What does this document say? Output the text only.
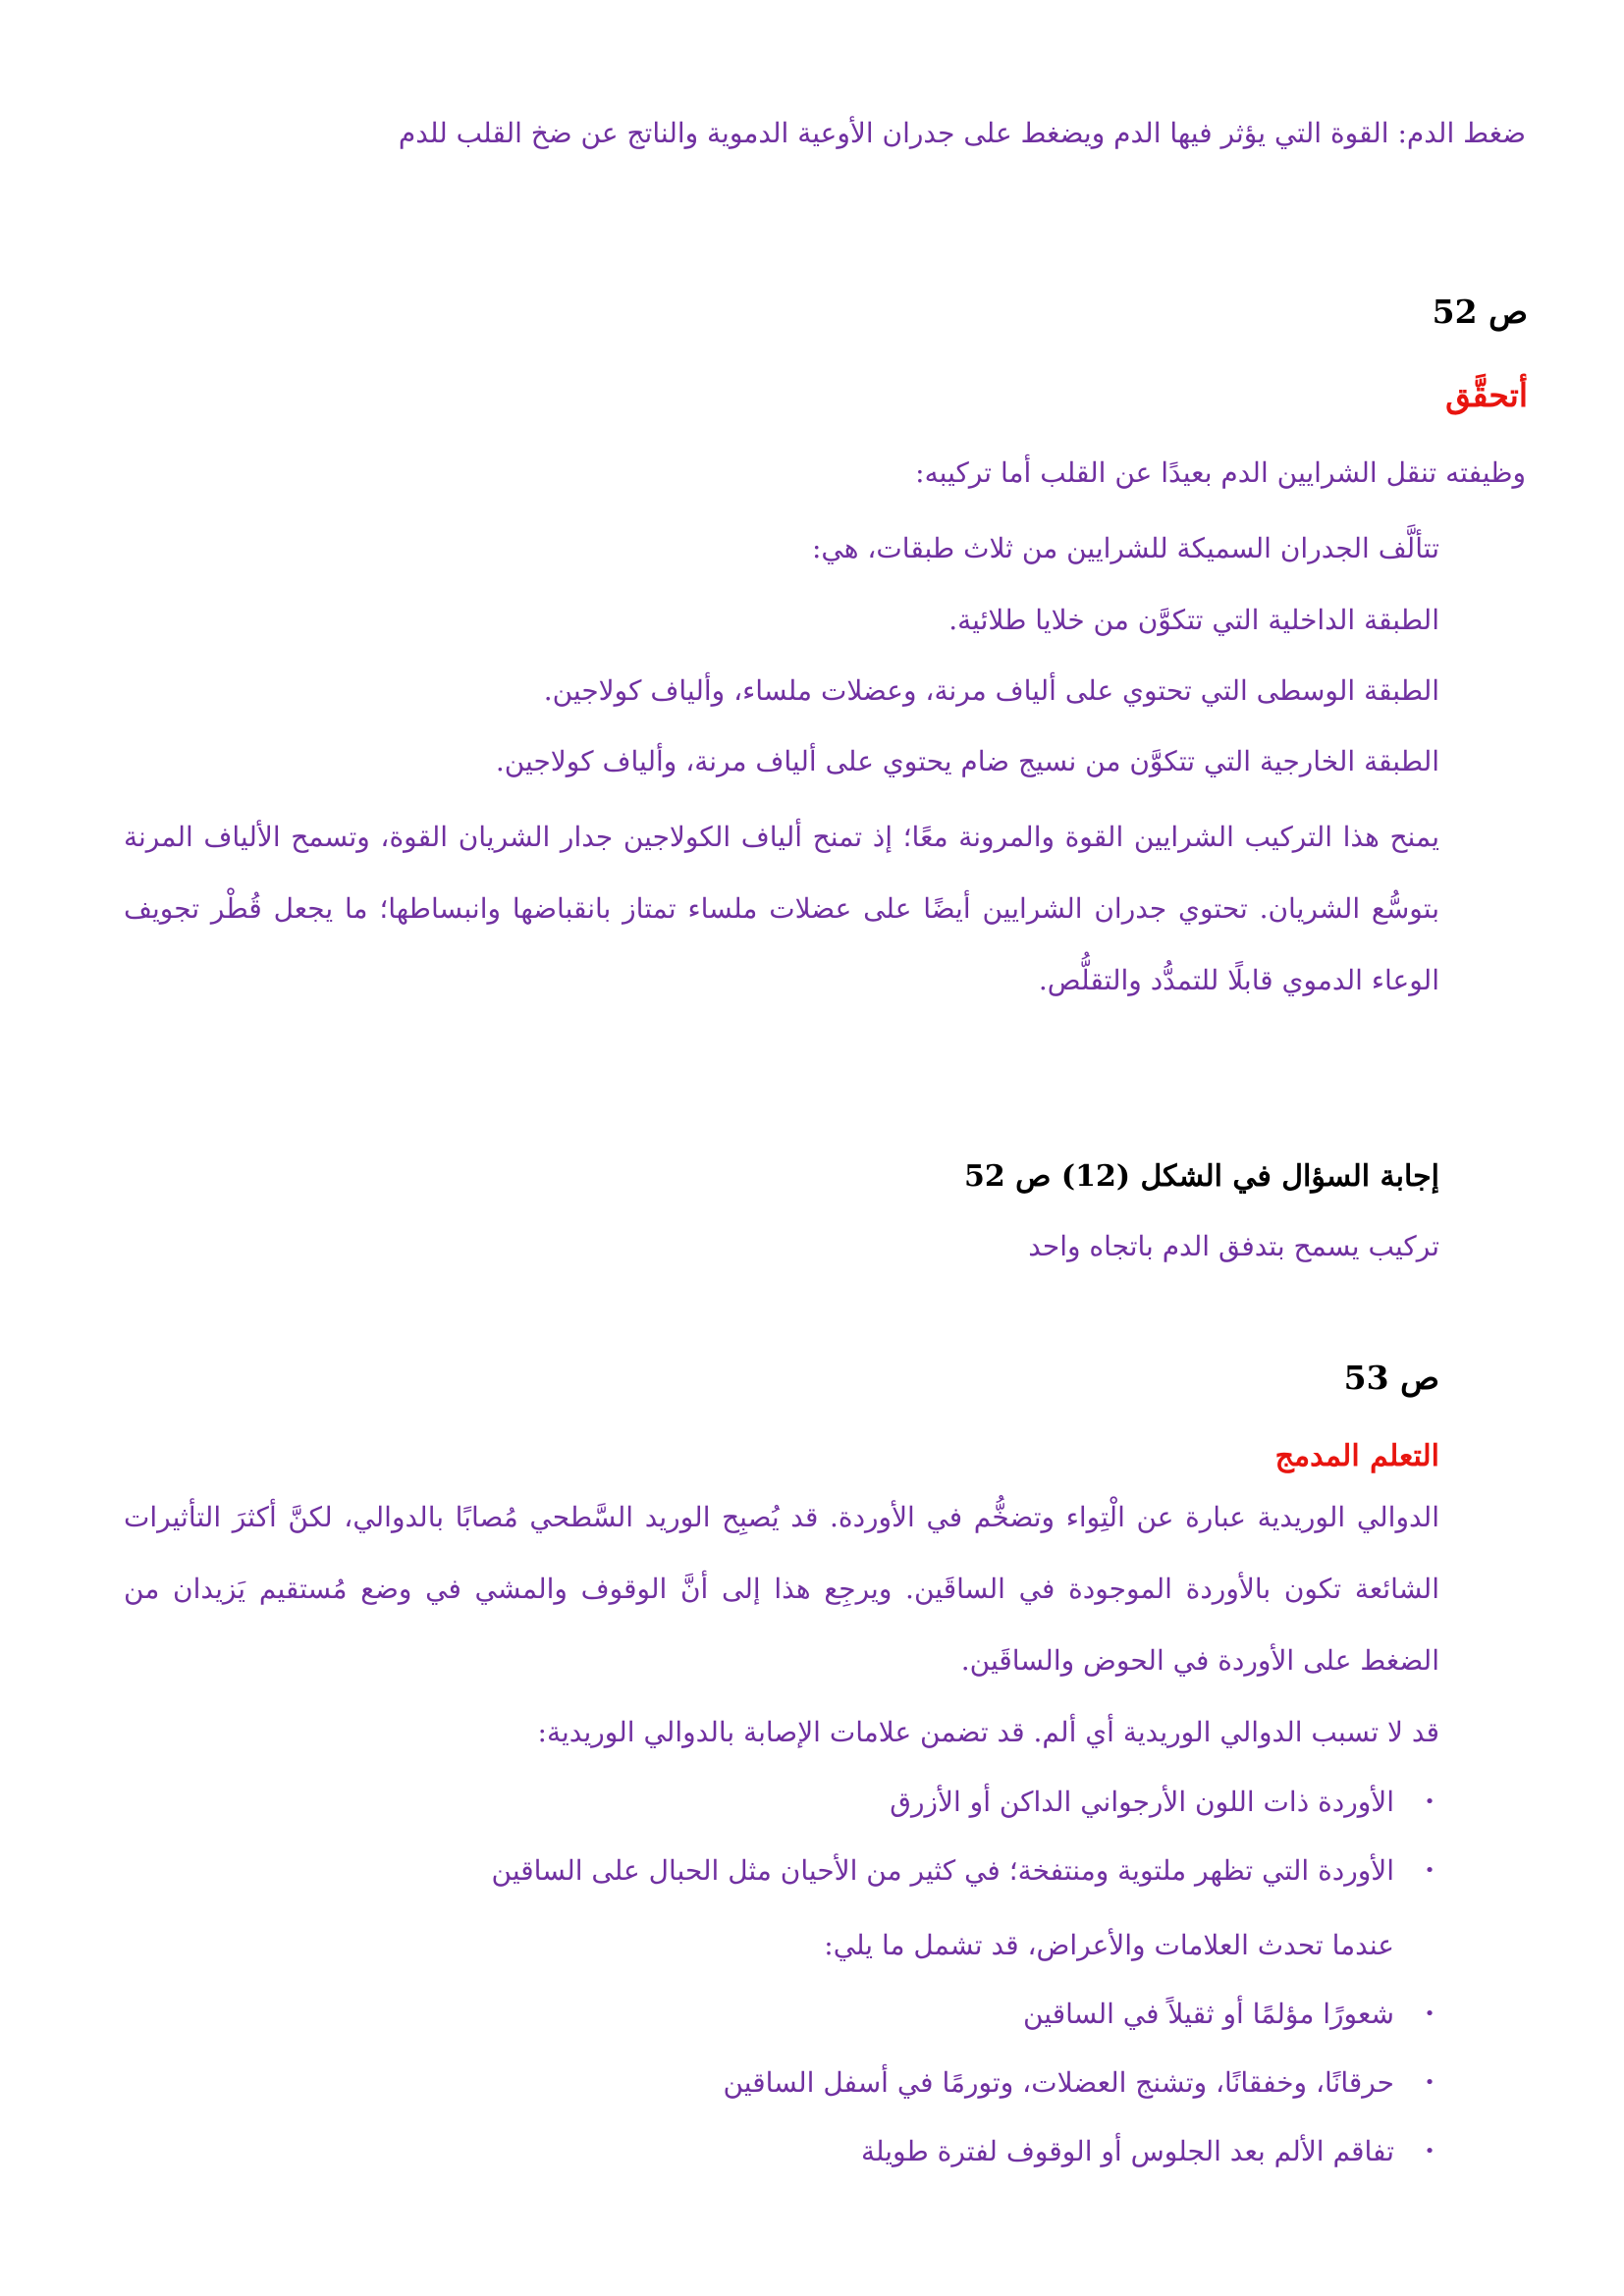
ضغط الدم: القوة التي يؤثر فيها الدم ويضغط على جدران الأوعية الدموية والناتج عن ضخ القلب للدم

ص 52
أتحقَّق

وظيفته تنقل الشرايين الدم بعيدًا عن القلب أما تركيبه:

تتألَّف الجدران السميكة للشرايين من ثلاث طبقات، هي:

الطبقة الداخلية التي تتكوَّن من خلايا طلائية.

الطبقة الوسطى التي تحتوي على ألياف مرنة، وعضلات ملساء، وألياف كولاجين.

الطبقة الخارجية التي تتكوَّن من نسيج ضام يحتوي على ألياف مرنة، وألياف كولاجين.

يمنح هذا التركيب الشرايين القوة والمرونة معًا؛ إذ تمنح ألياف الكولاجين جدار الشريان القوة، وتسمح الألياف المرنة بتوسُّع الشريان. تحتوي جدران الشرايين أيضًا على عضلات ملساء تمتاز بانقباضها وانبساطها؛ ما يجعل قُطْر تجويف الوعاء الدموي قابلًا للتمدُّد والتقلُّص.

إجابة السؤال في الشكل (12) ص 52

تركيب يسمح بتدفق الدم باتجاه واحد

ص 53
التعلم المدمج

الدوالي الوريدية عبارة عن الْتِواء وتضخُّم في الأوردة. قد يُصبِح الوريد السَّطحي مُصابًا بالدوالي، لكنَّ أكثرَ التأثيرات الشائعة تكون بالأوردة الموجودة في الساقَين. ويرجِع هذا إلى أنَّ الوقوف والمشي في وضع مُستقيم يَزيدان من الضغط على الأوردة في الحوض والساقَين.

قد لا تسبب الدوالي الوريدية أي ألم. قد تضمن علامات الإصابة بالدوالي الوريدية:

•
الأوردة ذات اللون الأرجواني الداكن أو الأزرق
•
الأوردة التي تظهر ملتوية ومنتفخة؛ في كثير من الأحيان مثل الحبال على الساقين

عندما تحدث العلامات والأعراض، قد تشمل ما يلي:

•
شعورًا مؤلمًا أو ثقيلاً في الساقين
•
حرقانًا، وخفقانًا، وتشنج العضلات، وتورمًا في أسفل الساقين
•
تفاقم الألم بعد الجلوس أو الوقوف لفترة طويلة
